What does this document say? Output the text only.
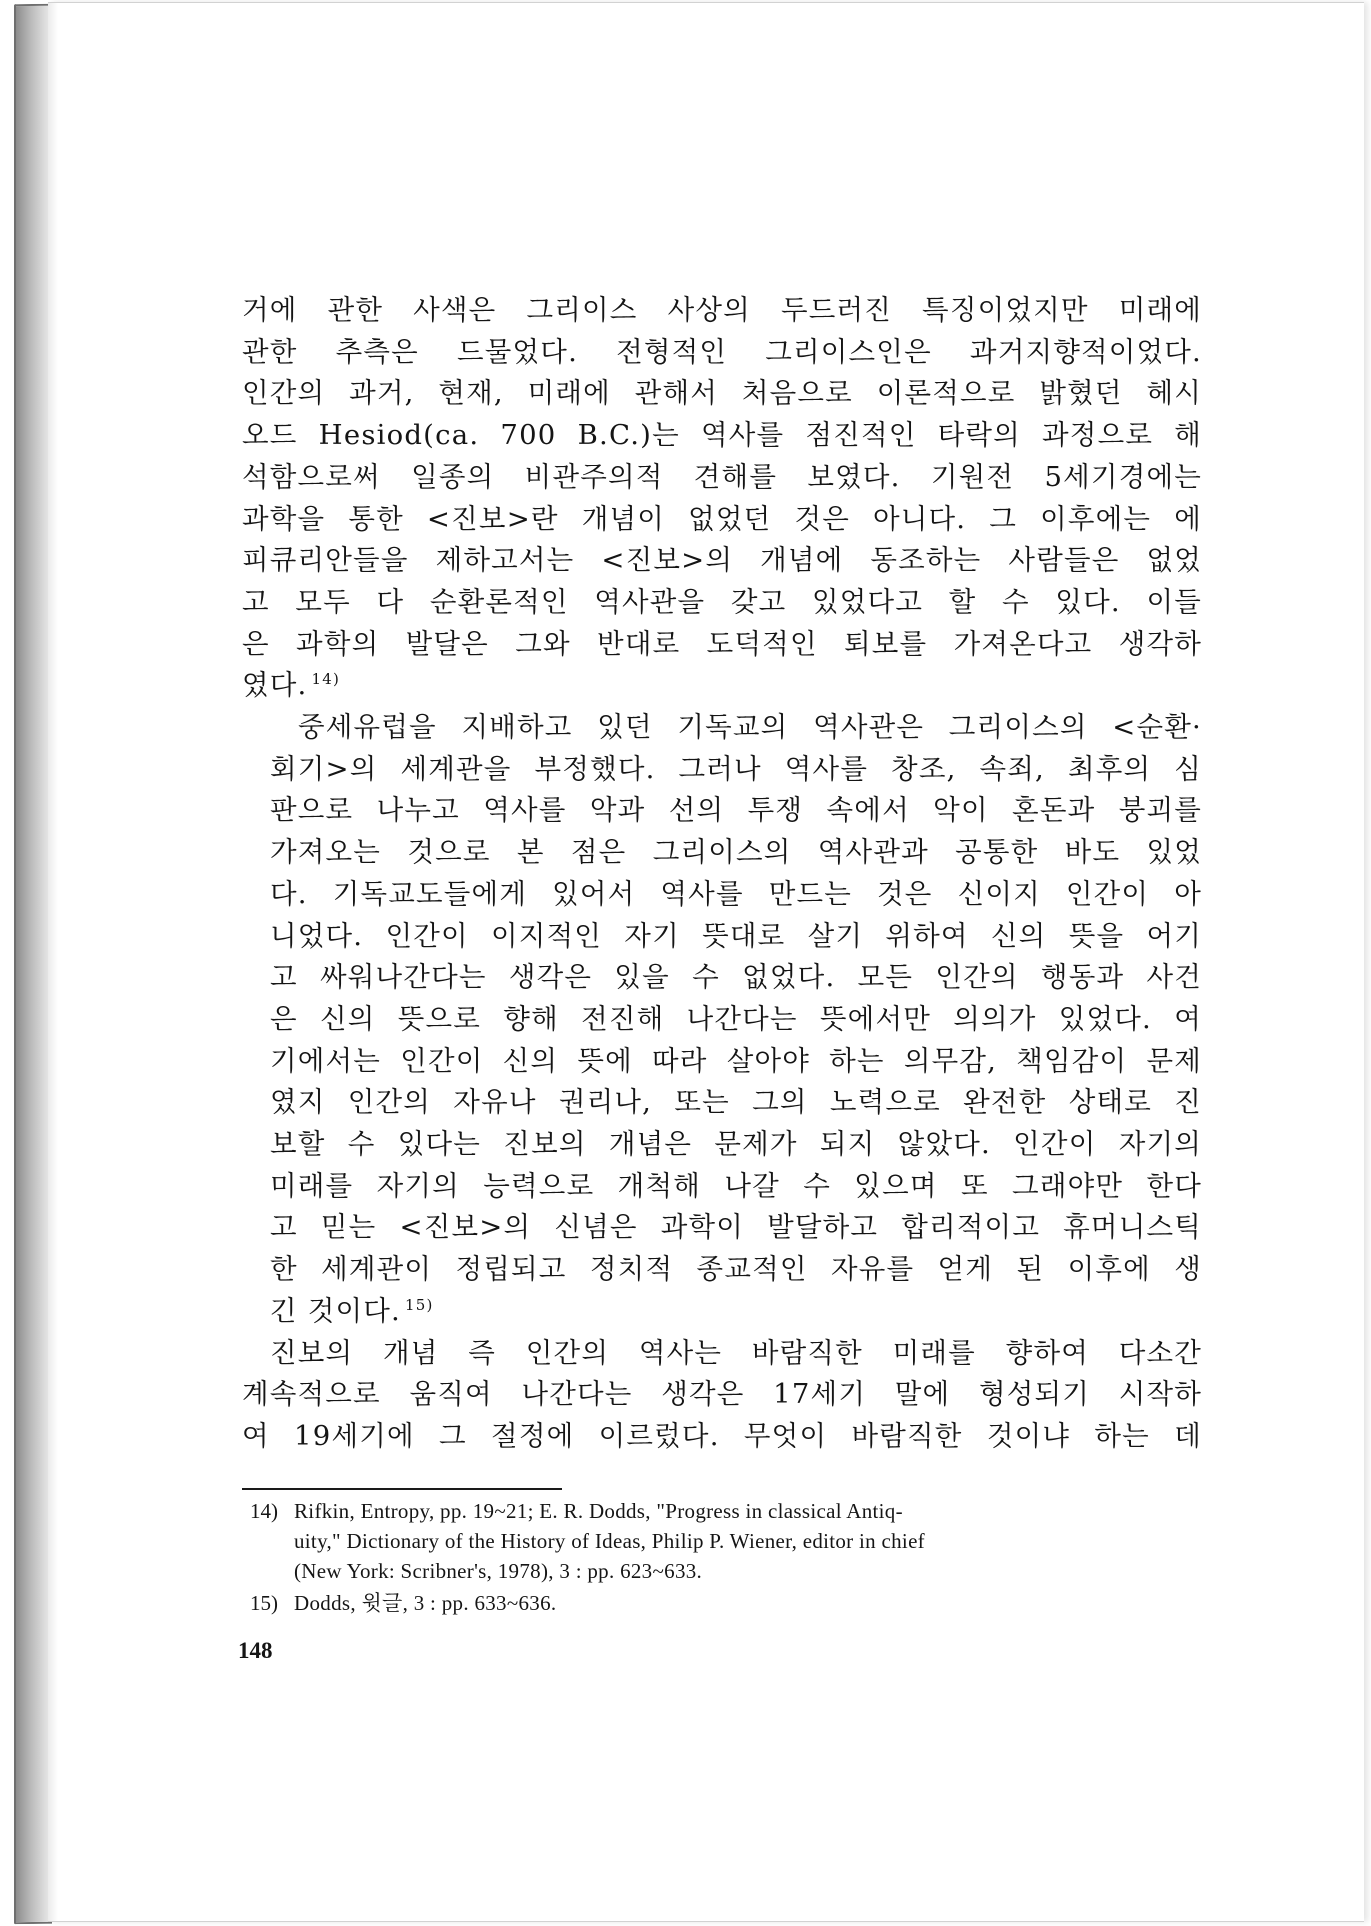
거에 관한 사색은 그리이스 사상의 두드러진 특징이었지만 미래에
관한 추측은 드물었다. 전형적인 그리이스인은 과거지향적이었다.
인간의 과거, 현재, 미래에 관해서 처음으로 이론적으로 밝혔던 헤시
오드 Hesiod(ca. 700 B.C.)는 역사를 점진적인 타락의 과정으로 해
석함으로써 일종의 비관주의적 견해를 보였다. 기원전 5세기경에는
과학을 통한 <진보>란 개념이 없었던 것은 아니다. 그 이후에는 에
피큐리안들을 제하고서는 <진보>의 개념에 동조하는 사람들은 없었
고 모두 다 순환론적인 역사관을 갖고 있었다고 할 수 있다. 이들
은 과학의 발달은 그와 반대로 도덕적인 퇴보를 가져온다고 생각하
였다. $^{14)}$

중세유럽을 지배하고 있던 기독교의 역사관은 그리이스의 <순환·
회기>의 세계관을 부정했다. 그러나 역사를 창조, 속죄, 최후의 심
판으로 나누고 역사를 악과 선의 투쟁 속에서 악이 혼돈과 붕괴를
가져오는 것으로 본 점은 그리이스의 역사관과 공통한 바도 있었
다. 기독교도들에게 있어서 역사를 만드는 것은 신이지 인간이 아
니었다. 인간이 이지적인 자기 뜻대로 살기 위하여 신의 뜻을 어기
고 싸워나간다는 생각은 있을 수 없었다. 모든 인간의 행동과 사건
은 신의 뜻으로 향해 전진해 나간다는 뜻에서만 의의가 있었다. 여
기에서는 인간이 신의 뜻에 따라 살아야 하는 의무감, 책임감이 문제
였지 인간의 자유나 권리나, 또는 그의 노력으로 완전한 상태로 진
보할 수 있다는 진보의 개념은 문제가 되지 않았다. 인간이 자기의
미래를 자기의 능력으로 개척해 나갈 수 있으며 또 그래야만 한다
고 믿는 <진보>의 신념은 과학이 발달하고 합리적이고 휴머니스틱
한 세계관이 정립되고 정치적 종교적인 자유를 얻게 된 이후에 생
긴 것이다. $^{15)}$

진보의 개념 즉 인간의 역사는 바람직한 미래를 향하여 다소간
계속적으로 움직여 나간다는 생각은 17세기 말에 형성되기 시작하
여 19세기에 그 절정에 이르렀다. 무엇이 바람직한 것이냐 하는 데

14) Rifkin, Entropy, pp. 19~21; E. R. Dodds, "Progress in classical Antiq-
uity," Dictionary of the History of Ideas, Philip P. Wiener, editor in chief
(New York: Scribner's, 1978), 3 : pp. 623~633.
15) Dodds, 윗글, 3 : pp. 633~636.
148
